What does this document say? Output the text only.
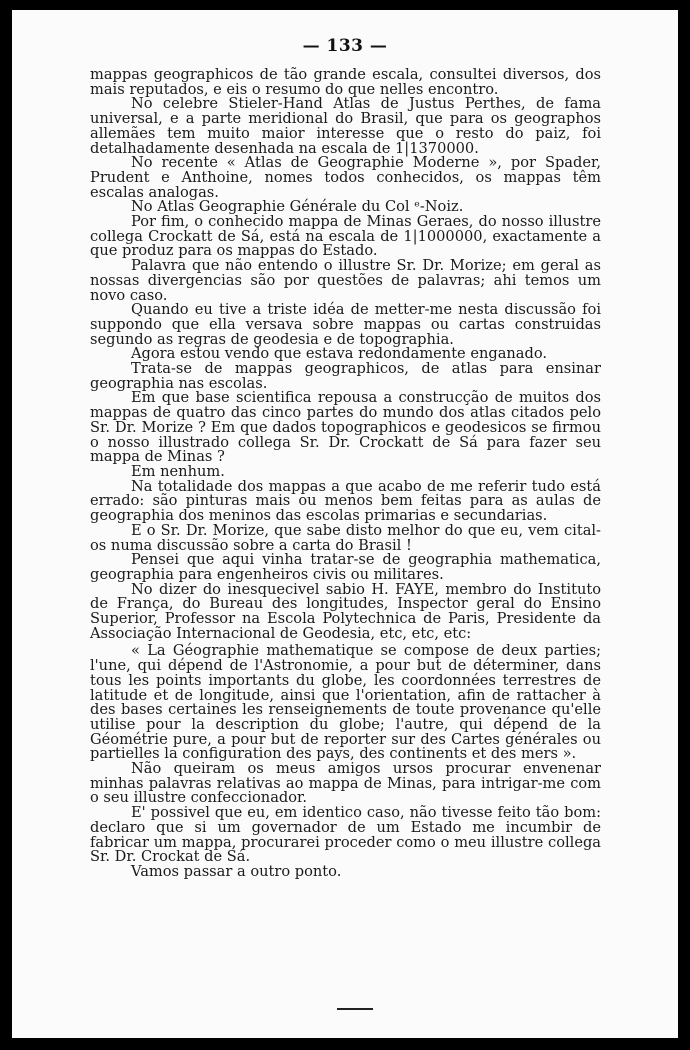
— 133 —

mappas geographicos de tão grande escala, consultei diversos, dos mais reputados, e eis o resumo do que nelles encontro.

No celebre Stieler-Hand Atlas de Justus Perthes, de fama universal, e a parte meridional do Brasil, que para os geographos allemães tem muito maior interesse que o resto do paiz, foi detalhadamente desenhada na escala de 1|1370000.

No recente « Atlas de Geographie Moderne », por Spader, Prudent e Anthoine, nomes todos conhecidos, os mappas têm escalas analogas.

No Atlas Geographie Générale du Col ᵉ-Noiz.

Por fim, o conhecido mappa de Minas Geraes, do nosso illustre collega Crockatt de Sá, está na escala de 1|1000000, exactamente a que produz para os mappas do Estado.

Palavra que não entendo o illustre Sr. Dr. Morize; em geral as nossas divergencias são por questões de palavras; ahi temos um novo caso.

Quando eu tive a triste idéa de metter-me nesta discussão foi suppondo que ella versava sobre mappas ou cartas construidas segundo as regras de geodesia e de topographia.

Agora estou vendo que estava redondamente enganado.

Trata-se de mappas geographicos, de atlas para ensinar geographia nas escolas.

Em que base scientifica repousa a construcção de muitos dos mappas de quatro das cinco partes do mundo dos atlas citados pelo Sr. Dr. Morize ? Em que dados topographicos e geodesicos se firmou o nosso illustrado collega Sr. Dr. Crockatt de Sá para fazer seu mappa de Minas ?

Em nenhum.

Na totalidade dos mappas a que acabo de me referir tudo está errado: são pinturas mais ou menos bem feitas para as aulas de geographia dos meninos das escolas primarias e secundarias.

E o Sr. Dr. Morize, que sabe disto melhor do que eu, vem cital-os numa discussão sobre a carta do Brasil !

Pensei que aqui vinha tratar-se de geographia mathematica, geographia para engenheiros civis ou militares.

No dizer do inesquecivel sabio H. FAYE, membro do Instituto de França, do Bureau des longitudes, Inspector geral do Ensino Superior, Professor na Escola Polytechnica de Paris, Presidente da Associação Internacional de Geodesia, etc, etc, etc:

« La Géographie mathematique se compose de deux parties; l'une, qui dépend de l'Astronomie, a pour but de déterminer, dans tous les points importants du globe, les coordonnées terrestres de latitude et de longitude, ainsi que l'orientation, afin de rattacher à des bases certaines les renseignements de toute provenance qu'elle utilise pour la description du globe; l'autre, qui dépend de la Géométrie pure, a pour but de reporter sur des Cartes générales ou partielles la configuration des pays, des continents et des mers ».

Não queiram os meus amigos ursos procurar envenenar minhas palavras relativas ao mappa de Minas, para intrigar-me com o seu illustre confeccionador.

E' possivel que eu, em identico caso, não tivesse feito tão bom: declaro que si um governador de um Estado me incumbir de fabricar um mappa, procurarei proceder como o meu illustre collega Sr. Dr. Crockat de Sá.

Vamos passar a outro ponto.
